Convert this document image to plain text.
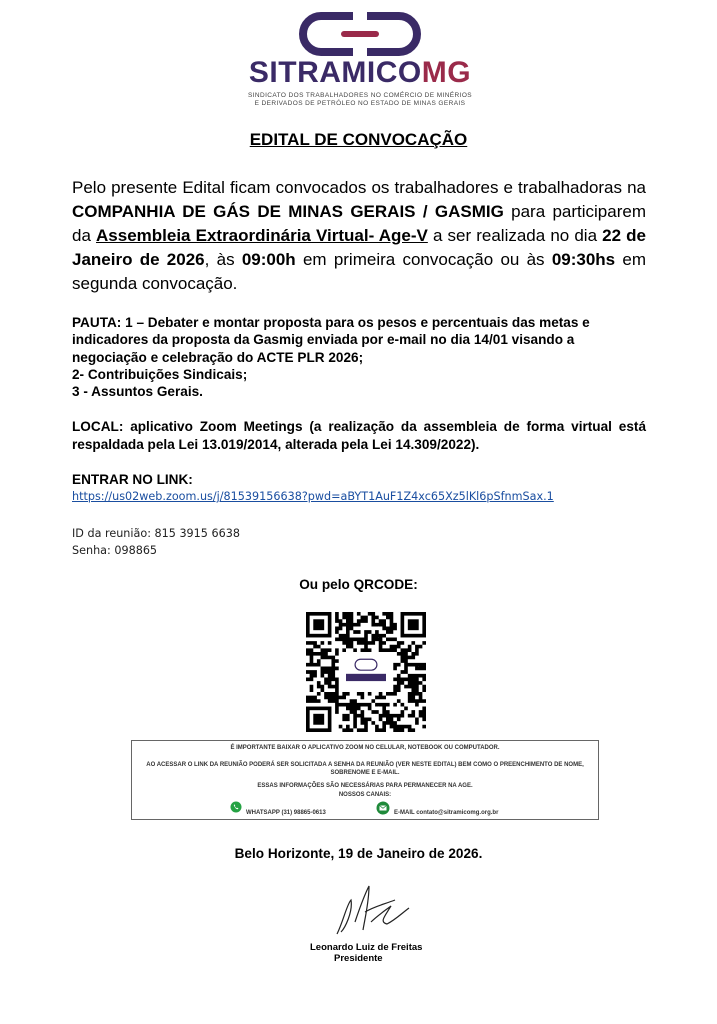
SITRAMICOMG
SINDICATO DOS TRABALHADORES NO COMÉRCIO DE MINÉRIOS
E DERIVADOS DE PETRÓLEO NO ESTADO DE MINAS GERAIS
EDITAL DE CONVOCAÇÃO
Pelo presente Edital ficam convocados os trabalhadores e trabalhadoras na COMPANHIA DE GÁS DE MINAS GERAIS / GASMIG para participarem da Assembleia Extraordinária Virtual- Age-V a ser realizada no dia 22 de Janeiro de 2026, às 09:00h em primeira convocação ou às 09:30hs em segunda convocação.

PAUTA: 1 – Debater e montar proposta para os pesos e percentuais das metas e indicadores da proposta da Gasmig enviada por e-mail no dia 14/01 visando a negociação e celebração do ACTE PLR 2026;

2- Contribuições Sindicais;

3 - Assuntos Gerais.

LOCAL: aplicativo Zoom Meetings (a realização da assembleia de forma virtual está respaldada pela Lei 13.019/2014, alterada pela Lei 14.309/2022).
ENTRAR NO LINK:
https://us02web.zoom.us/j/81539156638?pwd=aBYT1AuF1Z4xc65Xz5lKl6pSfnmSax.1
ID da reunião: 815 3915 6638
Senha: 098865
Ou pelo QRCODE:
É IMPORTANTE BAIXAR O APLICATIVO ZOOM NO CELULAR, NOTEBOOK OU COMPUTADOR.
AO ACESSAR O LINK DA REUNIÃO PODERÁ SER SOLICITADA A SENHA DA REUNIÃO (VER NESTE EDITAL) BEM COMO O PREENCHIMENTO DE NOME,
SOBRENOME E E-MAIL.
ESSAS INFORMAÇÕES SÃO NECESSÁRIAS PARA PERMANECER NA AGE.
NOSSOS CANAIS:
WHATSAPP (31) 98865-0613	E-MAIL contato@sitramicomg.org.br
Belo Horizonte, 19 de Janeiro de 2026.
Leonardo Luiz de Freitas
Presidente
